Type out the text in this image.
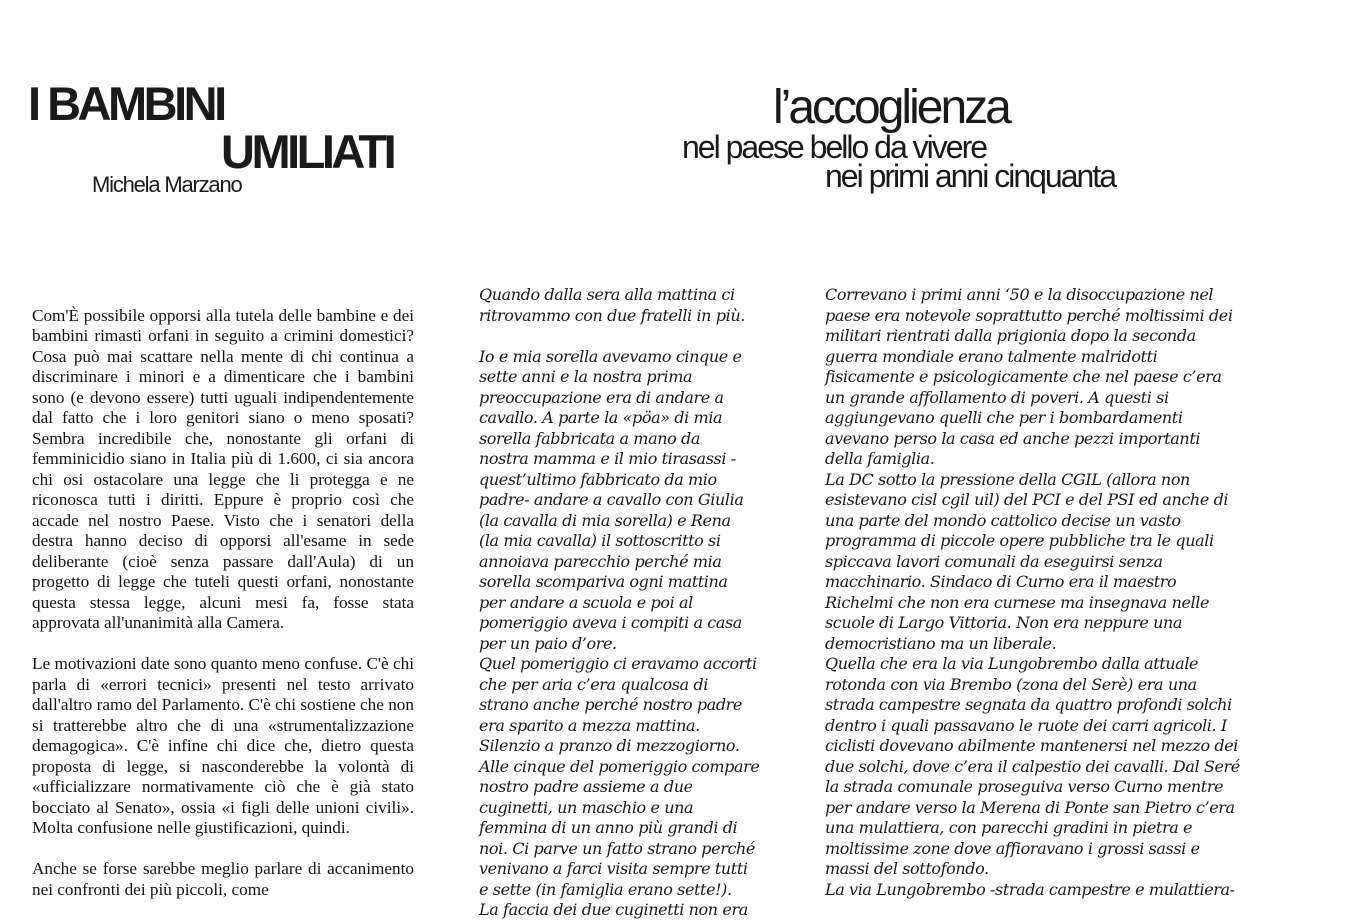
I BAMBINI
UMILIATI
Michela Marzano
l’accoglienza
nel paese bello da vivere
nei primi anni cinquanta

Com'È possibile opporsi alla tutela delle bambine e dei bambini rimasti orfani in seguito a crimini domestici? Cosa può mai scattare nella mente di chi continua a discriminare i minori e a dimenticare che i bambini sono (e devono essere) tutti uguali indipendentemente dal fatto che i loro genitori siano o meno sposati? Sembra incredibile che, nonostante gli orfani di femminicidio siano in Italia più di 1.600, ci sia ancora chi osi ostacolare una legge che li protegga e ne riconosca tutti i diritti. Eppure è proprio così che accade nel nostro Paese. Visto che i senatori della destra hanno deciso di opporsi all'esame in sede deliberante (cioè senza passare dall'Aula) di un progetto di legge che tuteli questi orfani, nonostante questa stessa legge, alcuni mesi fa, fosse stata approvata all'unanimità alla Camera.

Le motivazioni date sono quanto meno confuse. C'è chi parla di «errori tecnici» presenti nel testo arrivato dall'altro ramo del Parlamento. C'è chi sostiene che non si tratterebbe altro che di una «strumentalizzazione demagogica». C'è infine chi dice che, dietro questa proposta di legge, si nasconderebbe la volontà di «ufficializzare normativamente ciò che è già stato bocciato al Senato», ossia «i figli delle unioni civili». Molta confusione nelle giustificazioni, quindi.

Anche se forse sarebbe meglio parlare di accanimento nei confronti dei più piccoli, come

Quando dalla sera alla mattina ci
ritrovammo con due fratelli in più.
Io e mia sorella avevamo cinque e
sette anni e la nostra prima
preoccupazione era di andare a
cavallo. A parte la «pöa» di mia
sorella fabbricata a mano da
nostra mamma e il mio tirasassi -
quest’ultimo fabbricato da mio
padre- andare a cavallo con Giulia
(la cavalla di mia sorella) e Rena
(la mia cavalla) il sottoscritto si
annoiava parecchio perché mia
sorella scompariva ogni mattina
per andare a scuola e poi al
pomeriggio aveva i compiti a casa
per un paio d’ore.
Quel pomeriggio ci eravamo accorti
che per aria c’era qualcosa di
strano anche perché nostro padre
era sparito a mezza mattina.
Silenzio a pranzo di mezzogiorno.
Alle cinque del pomeriggio compare
nostro padre assieme a due
cuginetti, un maschio e una
femmina di un anno più grandi di
noi. Ci parve un fatto strano perché
venivano a farci visita sempre tutti
e sette (in famiglia erano sette!).
La faccia dei due cuginetti non era
Correvano i primi anni ‘50 e la disoccupazione nel
paese era notevole soprattutto perché moltissimi dei
militari rientrati dalla prigionia dopo la seconda
guerra mondiale erano talmente malridotti
fisicamente e psicologicamente che nel paese c’era
un grande affollamento di poveri. A questi si
aggiungevano quelli che per i bombardamenti
avevano perso la casa ed anche pezzi importanti
della famiglia.
La DC sotto la pressione della CGIL (allora non
esistevano cisl cgil uil) del PCI e del PSI ed anche di
una parte del mondo cattolico decise un vasto
programma di piccole opere pubbliche tra le quali
spiccava lavori comunali da eseguirsi senza
macchinario. Sindaco di Curno era il maestro
Richelmi che non era curnese ma insegnava nelle
scuole di Largo Vittoria. Non era neppure una
democristiano ma un liberale.
Quella che era la via Lungobrembo dalla attuale
rotonda con via Brembo (zona del Serè) era una
strada campestre segnata da quattro profondi solchi
dentro i quali passavano le ruote dei carri agricoli. I
ciclisti dovevano abilmente mantenersi nel mezzo dei
due solchi, dove c’era il calpestio dei cavalli. Dal Seré
la strada comunale proseguiva verso Curno mentre
per andare verso la Merena di Ponte san Pietro c’era
una mulattiera, con parecchi gradini in pietra e
moltissime zone dove affioravano i grossi sassi e
massi del sottofondo.
La via Lungobrembo -strada campestre e mulattiera-
